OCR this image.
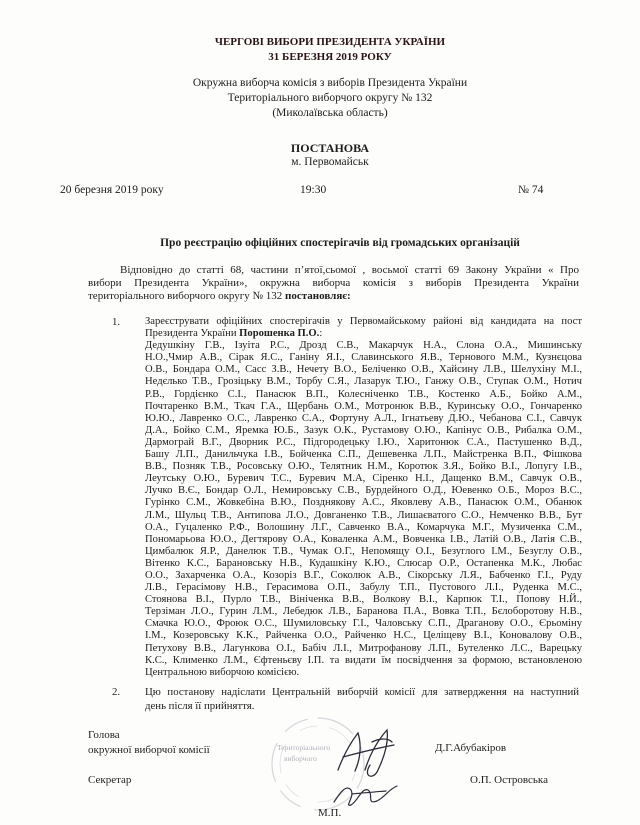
ЧЕРГОВІ ВИБОРИ ПРЕЗИДЕНТА УКРАЇНИ
31 БЕРЕЗНЯ 2019 РОКУ
Окружна виборча комісія з виборів Президента України
Територіального виборчого округу № 132
(Миколаївська область)
ПОСТАНОВА
м. Первомайськ
20 березня 2019 року	19:30	№ 74
Про реєстрацію офіційних спостерігачів від громадських організацій
Відповідно до статті 68, частини п’ятої,сьомої , восьмої статті 69 Закону України « Про
вибори Президента України», окружна виборча комісія з виборів Президента України
територіального виборчого округу № 132 постановляє:
1. Зареєструвати офіційних спостерігачів у Первомайському районі від кандидата на пост
Президента України Порошенка П.О.:
Дедушкіну Г.В., Ізуіта Р.С., Дрозд С.В., Макарчук Н.А., Слона О.А., Мишинську
Н.О.,Чмир А.В., Сірак Я.С., Ганіну Я.І., Славинського Я.В., Тернового М.М., Кузнєцова
О.В., Бондара О.М., Сасс З.В., Нечету В.О., Беліченко О.В., Хайсину Л.В., Шелухіну М.І.,
Недєлько Т.В., Грозіцьку В.М., Торбу С.Я., Лазарук Т.Ю., Ганжу О.В., Ступак О.М., Нотич
Р.В., Гордієнко С.І., Панасюк В.П., Колесніченко Т.В., Костенко А.Б., Бойко А.М.,
Почтаренко В.М., Ткач Г.А., Щербань О.М., Мотронюк В.В., Куринську О.О., Гончаренко
Ю.Ю., Лавренко О.С., Лавренко С.А., Фортуну А.Л., Ігнатьеву Д.Ю., Чебанова С.І., Савчук
Д.А., Бойко С.М., Яремка Ю.Б., Зазук О.К., Рустамову О.Ю., Капінус О.В., Рибалка О.М.,
Дармограй В.Г., Дворник Р.С., Підгородецьку І.Ю., Харитонюк С.А., Пастушенко В.Д.,
Башу Л.П., Данильчука І.В., Бойченка С.П., Дешевенка Л.П., Майстренка В.П., Фішкова
В.В., Позняк Т.В., Росовську О.Ю., Телятник Н.М., Коротюк З.Я., Бойко В.І., Лопугу І.В.,
Леутську О.Ю., Буревич Т.С., Буревич М.А, Сіренко Н.І., Дащенко В.М., Савчук О.В.,
Лучко В.Є., Бондар О.Л., Немировську С.В., Бурдейного О.Д., Юевенко О.Б., Мороз В.С.,
Гурінко С.М., Жовкебіна В.Ю., Позднякову А.С., Яковлеву А.В., Панасюк О.М., Обанюк
Л.М., Шульц Т.В., Антипова Л.О., Довганенко Т.В., Лишаєватого С.О., Немченко В.В., Бут
О.А., Гуцаленко Р.Ф., Волошину Л.Г., Савченко В.А., Комарчука М.Г., Музиченка С.М.,
Пономарьова Ю.О., Дегтярову О.А., Коваленка А.М., Вовченка І.В., Латій О.В., Латія С.В.,
Цимбалюк Я.Р., Данелюк Т.В., Чумак О.Г., Непомящу О.І., Безуглого І.М., Безуглу О.В.,
Вітенко К.С., Барановську Н.В., Кудашкіну К.Ю., Слюсар О.Р., Остапенка М.К., Любас
О.О., Захарченка О.А., Козоріз В.Г., Соколюк А.В., Сікорську Л.Я., Бабченко Г.І., Руду
Л.В., Герасімову Н.В., Герасимова О.П., Забулу Т.П., Пустового Л.І., Руденка М.С.,
Стоянова В.І., Пурло Т.В., Вініченка В.В., Волкову В.І., Карпюк Т.І., Попову Н.Й.,
Терзіман Л.О., Гурин Л.М., Лебедюк Л.В., Баранова П.А., Вовка Т.П., Бєлоборотову Н.В.,
Смачка Ю.О., Фроюк О.С., Шумиловську Г.І., Чаловську С.П., Драганову О.О., Єрьоміну
І.М., Козеровську К.К., Райченка О.О., Райченко Н.С., Целіщеву В.І., Коновалову О.В.,
Петухову В.В., Лагункова О.І., Бабіч Л.І., Митрофанову Л.П., Бутеленко Л.С., Варецьку
К.С., Клименко Л.М., Єфтеньєву І.П. та видати їм посвідчення за формою, встановленою
Центральною виборчою комісією.
2. Цю постанову надіслати Центральній виборчій комісії для затвердження на наступний
день після її прийняття.
Територіального
виборчого
Голова
окружної виборчої комісії	Д.Г.Абубакіров
Секретар	О.П. Островська
М.П.
